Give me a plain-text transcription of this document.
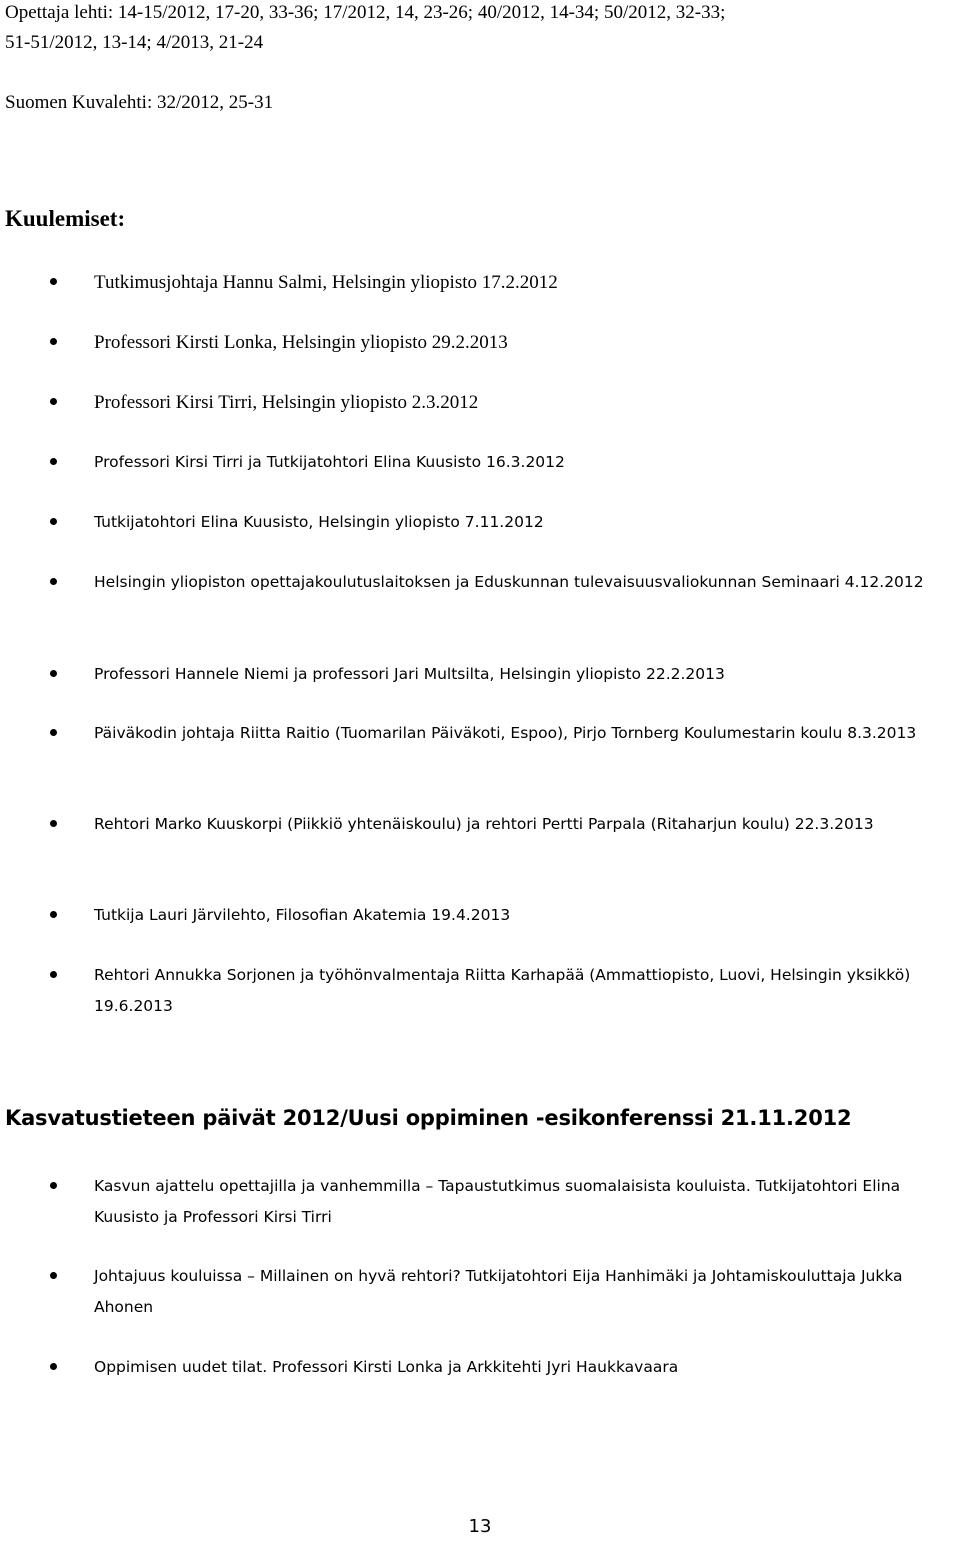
Opettaja lehti: 14-15/2012, 17-20, 33-36; 17/2012, 14, 23-26; 40/2012, 14-34; 50/2012, 32-33;
51-51/2012, 13-14; 4/2013, 21-24
Suomen Kuvalehti: 32/2012, 25-31
Kuulemiset:
Tutkimusjohtaja Hannu Salmi, Helsingin yliopisto 17.2.2012
Professori Kirsti Lonka, Helsingin yliopisto 29.2.2013
Professori Kirsi Tirri, Helsingin yliopisto 2.3.2012
Professori Kirsi Tirri ja Tutkijatohtori Elina Kuusisto 16.3.2012
Tutkijatohtori Elina Kuusisto, Helsingin yliopisto 7.11.2012
Helsingin yliopiston opettajakoulutuslaitoksen ja Eduskunnan tulevaisuusvaliokunnan Seminaari 4.12.2012
Professori Hannele Niemi ja professori Jari Multsilta, Helsingin yliopisto 22.2.2013
Päiväkodin johtaja Riitta Raitio (Tuomarilan Päiväkoti, Espoo), Pirjo Tornberg Koulumestarin koulu 8.3.2013
Rehtori Marko Kuuskorpi (Piikkiö yhtenäiskoulu) ja rehtori Pertti Parpala (Ritaharjun koulu) 22.3.2013
Tutkija Lauri Järvilehto, Filosofian Akatemia 19.4.2013
Rehtori Annukka Sorjonen ja työhönvalmentaja Riitta Karhapää (Ammattiopisto, Luovi, Helsingin yksikkö) 19.6.2013
Kasvatustieteen päivät 2012/Uusi oppiminen -esikonferenssi 21.11.2012
Kasvun ajattelu opettajilla ja vanhemmilla – Tapaustutkimus suomalaisista kouluista. Tutkijatohtori Elina Kuusisto ja Professori Kirsi Tirri
Johtajuus kouluissa – Millainen on hyvä rehtori? Tutkijatohtori Eija Hanhimäki ja Johtamiskouluttaja Jukka Ahonen
Oppimisen uudet tilat. Professori Kirsti Lonka ja Arkkitehti Jyri Haukkavaara
13
